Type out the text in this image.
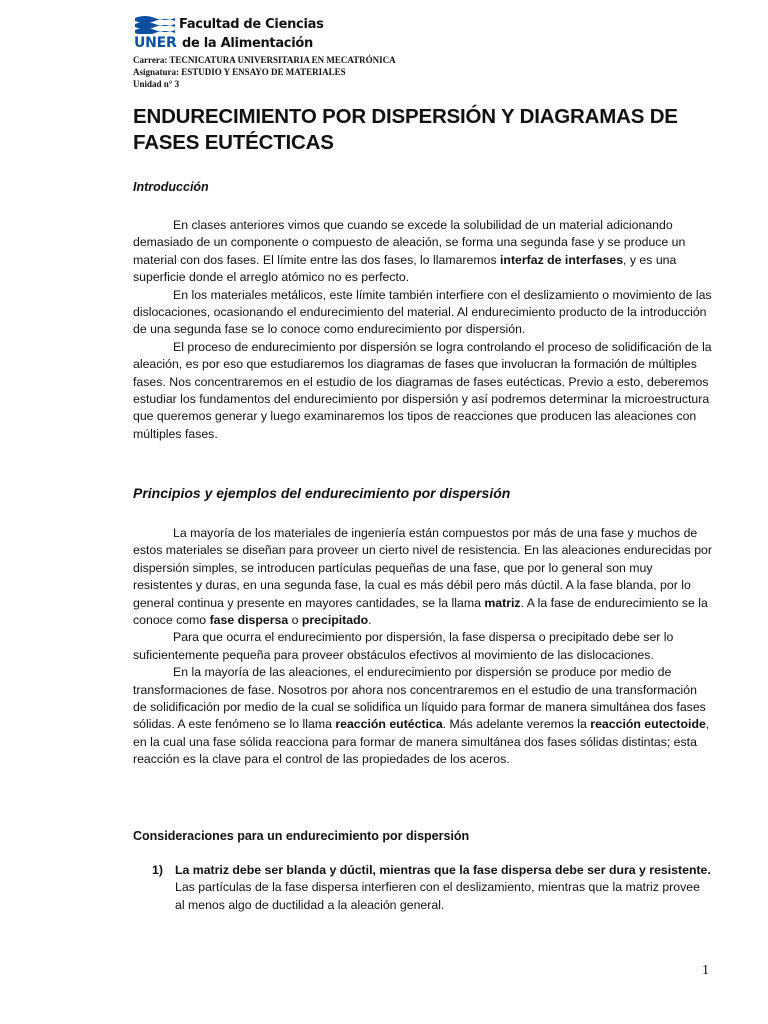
Facultad de Ciencias
UNER de la Alimentación
Carrera: TECNICATURA UNIVERSITARIA EN MECATRÓNICA
Asignatura: ESTUDIO Y ENSAYO DE MATERIALES
Unidad n° 3
ENDURECIMIENTO POR DISPERSIÓN Y DIAGRAMAS DE FASES EUTÉCTICAS
Introducción

En clases anteriores vimos que cuando se excede la solubilidad de un material adicionando demasiado de un componente o compuesto de aleación, se forma una segunda fase y se produce un material con dos fases. El límite entre las dos fases, lo llamaremos interfaz de interfases, y es una superficie donde el arreglo atómico no es perfecto.

En los materiales metálicos, este límite también interfiere con el deslizamiento o movimiento de las dislocaciones, ocasionando el endurecimiento del material. Al endurecimiento producto de la introducción de una segunda fase se lo conoce como endurecimiento por dispersión.

El proceso de endurecimiento por dispersión se logra controlando el proceso de solidificación de la aleación, es por eso que estudiaremos los diagramas de fases que involucran la formación de múltiples fases. Nos concentraremos en el estudio de los diagramas de fases eutécticas. Previo a esto, deberemos estudiar los fundamentos del endurecimiento por dispersión y así podremos determinar la microestructura que queremos generar y luego examinaremos los tipos de reacciones que producen las aleaciones con múltiples fases.

Principios y ejemplos del endurecimiento por dispersión

La mayoría de los materiales de ingeniería están compuestos por más de una fase y muchos de estos materiales se diseñan para proveer un cierto nivel de resistencia. En las aleaciones endurecidas por dispersión simples, se introducen partículas pequeñas de una fase, que por lo general son muy resistentes y duras, en una segunda fase, la cual es más débil pero más dúctil. A la fase blanda, por lo general continua y presente en mayores cantidades, se la llama matriz. A la fase de endurecimiento se la conoce como fase dispersa o precipitado.

Para que ocurra el endurecimiento por dispersión, la fase dispersa o precipitado debe ser lo suficientemente pequeña para proveer obstáculos efectivos al movimiento de las dislocaciones.

En la mayoría de las aleaciones, el endurecimiento por dispersión se produce por medio de transformaciones de fase. Nosotros por ahora nos concentraremos en el estudio de una transformación de solidificación por medio de la cual se solidifica un líquido para formar de manera simultánea dos fases sólidas. A este fenómeno se lo llama reacción eutéctica. Más adelante veremos la reacción eutectoide, en la cual una fase sólida reacciona para formar de manera simultánea dos fases sólidas distintas; esta reacción es la clave para el control de las propiedades de los aceros.

Consideraciones para un endurecimiento por dispersión
1) La matriz debe ser blanda y dúctil, mientras que la fase dispersa debe ser dura y resistente. Las partículas de la fase dispersa interfieren con el deslizamiento, mientras que la matriz provee al menos algo de ductilidad a la aleación general.
1
